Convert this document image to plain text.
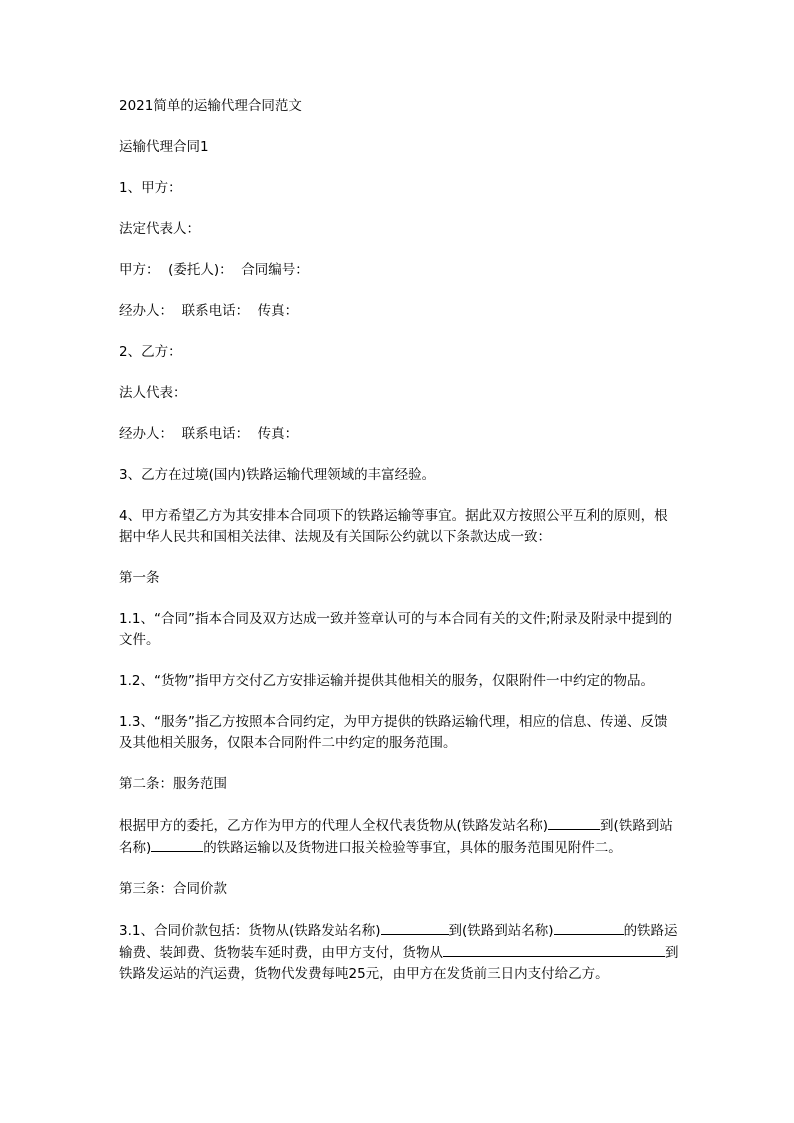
2021简单的运输代理合同范文

运输代理合同1

1、甲方：

法定代表人：

甲方：  (委托人)：  合同编号：

经办人：  联系电话：  传真：

2、乙方：

法人代表：

经办人：  联系电话：  传真：

3、乙方在过境(国内)铁路运输代理领域的丰富经验。

4、甲方希望乙方为其安排本合同项下的铁路运输等事宜。据此双方按照公平互利的原则，根据中华人民共和国相关法律、法规及有关国际公约就以下条款达成一致：

第一条

1.1、“合同”指本合同及双方达成一致并签章认可的与本合同有关的文件;附录及附录中提到的文件。

1.2、“货物”指甲方交付乙方安排运输并提供其他相关的服务，仅限附件一中约定的物品。

1.3、“服务”指乙方按照本合同约定，为甲方提供的铁路运输代理，相应的信息、传递、反馈及其他相关服务，仅限本合同附件二中约定的服务范围。

第二条：服务范围

根据甲方的委托，乙方作为甲方的代理人全权代表货物从(铁路发站名称)	到(铁路到站名称)	的铁路运输以及货物进口报关检验等事宜，具体的服务范围见附件二。

第三条：合同价款

3.1、合同价款包括：货物从(铁路发站名称)	到(铁路到站名称)	的铁路运输费、装卸费、货物装车延时费，由甲方支付，货物从	到铁路发运站的汽运费，货物代发费每吨25元，由甲方在发货前三日内支付给乙方。
